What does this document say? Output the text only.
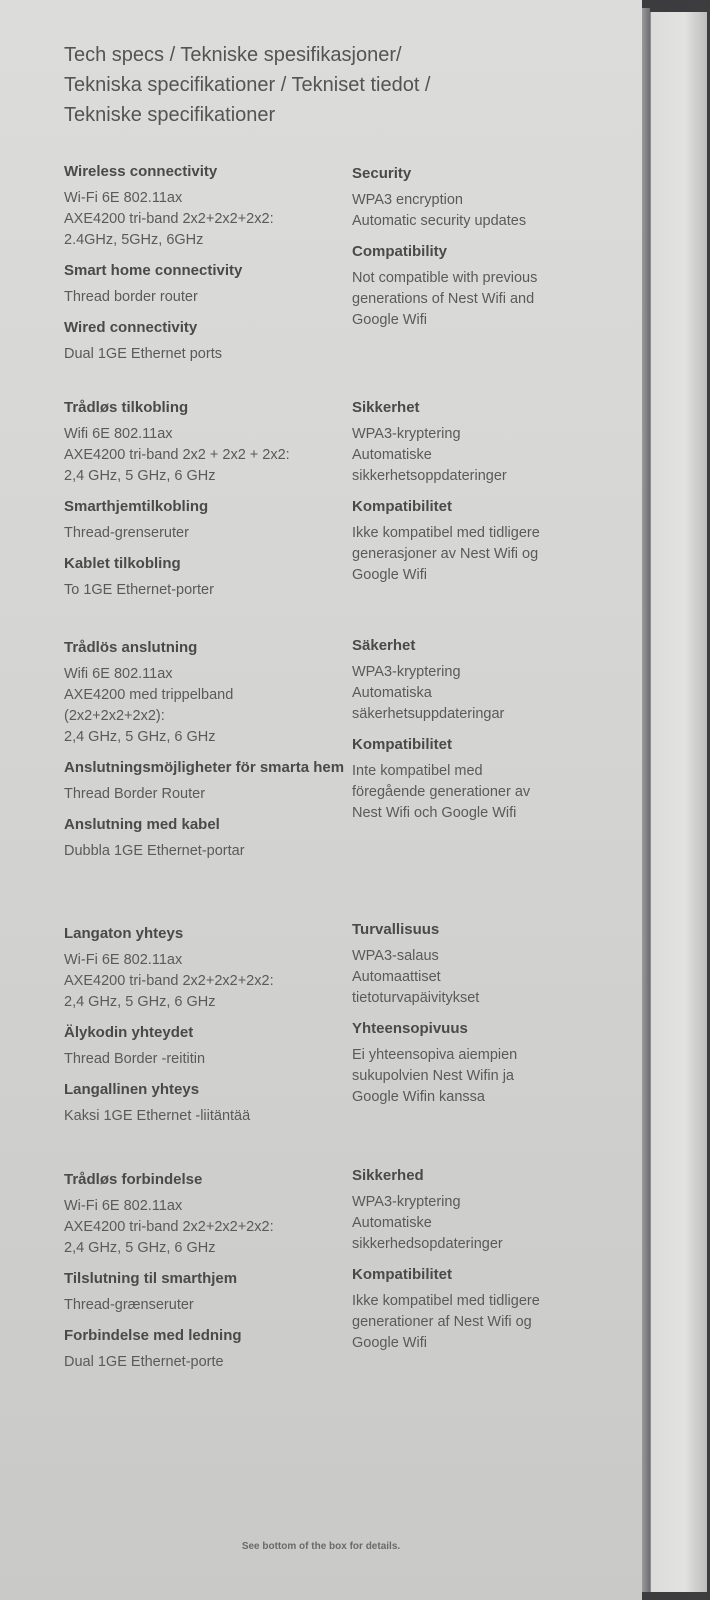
Tech specs / Tekniske spesifikasjoner/
Tekniska specifikationer / Tekniset tiedot /
Tekniske specifikationer
Wireless connectivity
Wi-Fi 6E 802.11ax
AXE4200 tri-band 2x2+2x2+2x2:
2.4GHz, 5GHz, 6GHz
Smart home connectivity
Thread border router
Wired connectivity
Dual 1GE Ethernet ports
Security
WPA3 encryption
Automatic security updates
Compatibility
Not compatible with previous
generations of Nest Wifi and
Google Wifi
Trådløs tilkobling
Wifi 6E 802.11ax
AXE4200 tri-band 2x2 + 2x2 + 2x2:
2,4 GHz, 5 GHz, 6 GHz
Smarthjemtilkobling
Thread-grenseruter
Kablet tilkobling
To 1GE Ethernet-porter
Sikkerhet
WPA3-kryptering
Automatiske
sikkerhetsoppdateringer
Kompatibilitet
Ikke kompatibel med tidligere
generasjoner av Nest Wifi og
Google Wifi
Trådlös anslutning
Wifi 6E 802.11ax
AXE4200 med trippelband
(2x2+2x2+2x2):
2,4 GHz, 5 GHz, 6 GHz
Anslutningsmöjligheter för smarta hem
Thread Border Router
Anslutning med kabel
Dubbla 1GE Ethernet-portar
Säkerhet
WPA3-kryptering
Automatiska
säkerhetsuppdateringar
Kompatibilitet
Inte kompatibel med
föregående generationer av
Nest Wifi och Google Wifi
Langaton yhteys
Wi-Fi 6E 802.11ax
AXE4200 tri-band 2x2+2x2+2x2:
2,4 GHz, 5 GHz, 6 GHz
Älykodin yhteydet
Thread Border -reititin
Langallinen yhteys
Kaksi 1GE Ethernet -liitäntää
Turvallisuus
WPA3-salaus
Automaattiset
tietoturvapäivitykset
Yhteensopivuus
Ei yhteensopiva aiempien
sukupolvien Nest Wifin ja
Google Wifin kanssa
Trådløs forbindelse
Wi-Fi 6E 802.11ax
AXE4200 tri-band 2x2+2x2+2x2:
2,4 GHz, 5 GHz, 6 GHz
Tilslutning til smarthjem
Thread-grænseruter
Forbindelse med ledning
Dual 1GE Ethernet-porte
Sikkerhed
WPA3-kryptering
Automatiske
sikkerhedsopdateringer
Kompatibilitet
Ikke kompatibel med tidligere
generationer af Nest Wifi og
Google Wifi
See bottom of the box for details.
